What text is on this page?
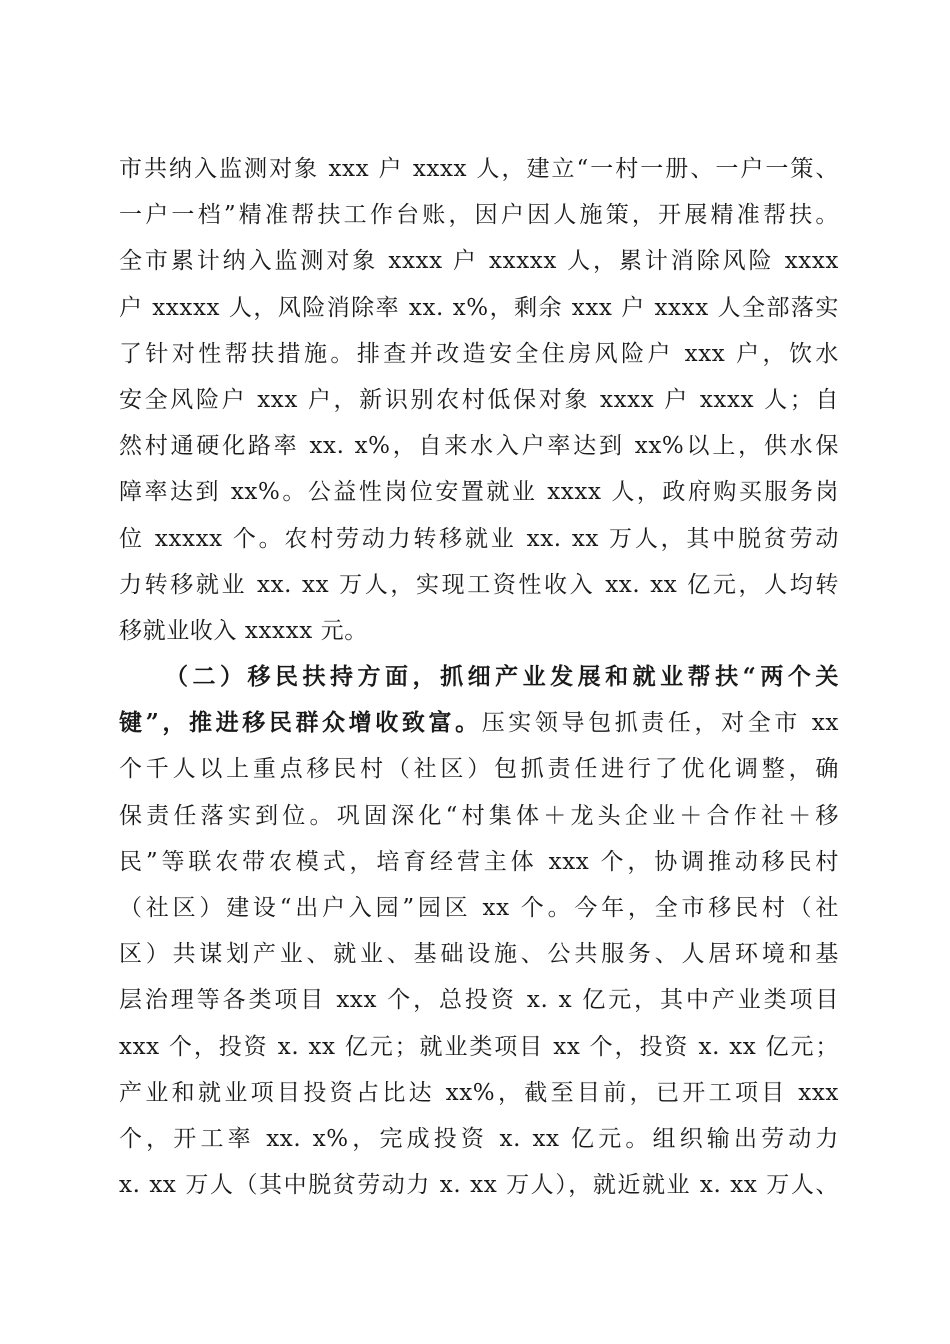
市共纳入监测对象 xxx 户 xxxx 人，建立“一村一册、一户一策、
一户一档”精准帮扶工作台账，因户因人施策，开展精准帮扶。
全市累计纳入监测对象 xxxx 户 xxxxx 人，累计消除风险 xxxx
户 xxxxx 人，风险消除率 xx. x%，剩余 xxx 户 xxxx 人全部落实
了针对性帮扶措施。排查并改造安全住房风险户 xxx 户，饮水
安全风险户 xxx 户，新识别农村低保对象 xxxx 户 xxxx 人；自
然村通硬化路率 xx. x%，自来水入户率达到 xx%以上，供水保
障率达到 xx%。公益性岗位安置就业 xxxx 人，政府购买服务岗
位 xxxxx 个。农村劳动力转移就业 xx. xx 万人，其中脱贫劳动
力转移就业 xx. xx 万人，实现工资性收入 xx. xx 亿元，人均转
移就业收入 xxxxx 元。
（二）移民扶持方面，抓细产业发展和就业帮扶“两个关
键”，推进移民群众增收致富。压实领导包抓责任，对全市 xx
个千人以上重点移民村（社区）包抓责任进行了优化调整，确
保责任落实到位。巩固深化“村集体＋龙头企业＋合作社＋移
民”等联农带农模式，培育经营主体 xxx 个，协调推动移民村
（社区）建设“出户入园”园区 xx 个。今年，全市移民村（社
区）共谋划产业、就业、基础设施、公共服务、人居环境和基
层治理等各类项目 xxx 个，总投资 x. x 亿元，其中产业类项目
xxx 个，投资 x. xx 亿元；就业类项目 xx 个，投资 x. xx 亿元；
产业和就业项目投资占比达 xx%，截至目前，已开工项目 xxx
个，开工率 xx. x%，完成投资 x. xx 亿元。组织输出劳动力
x. xx 万人（其中脱贫劳动力 x. xx 万人），就近就业 x. xx 万人、
